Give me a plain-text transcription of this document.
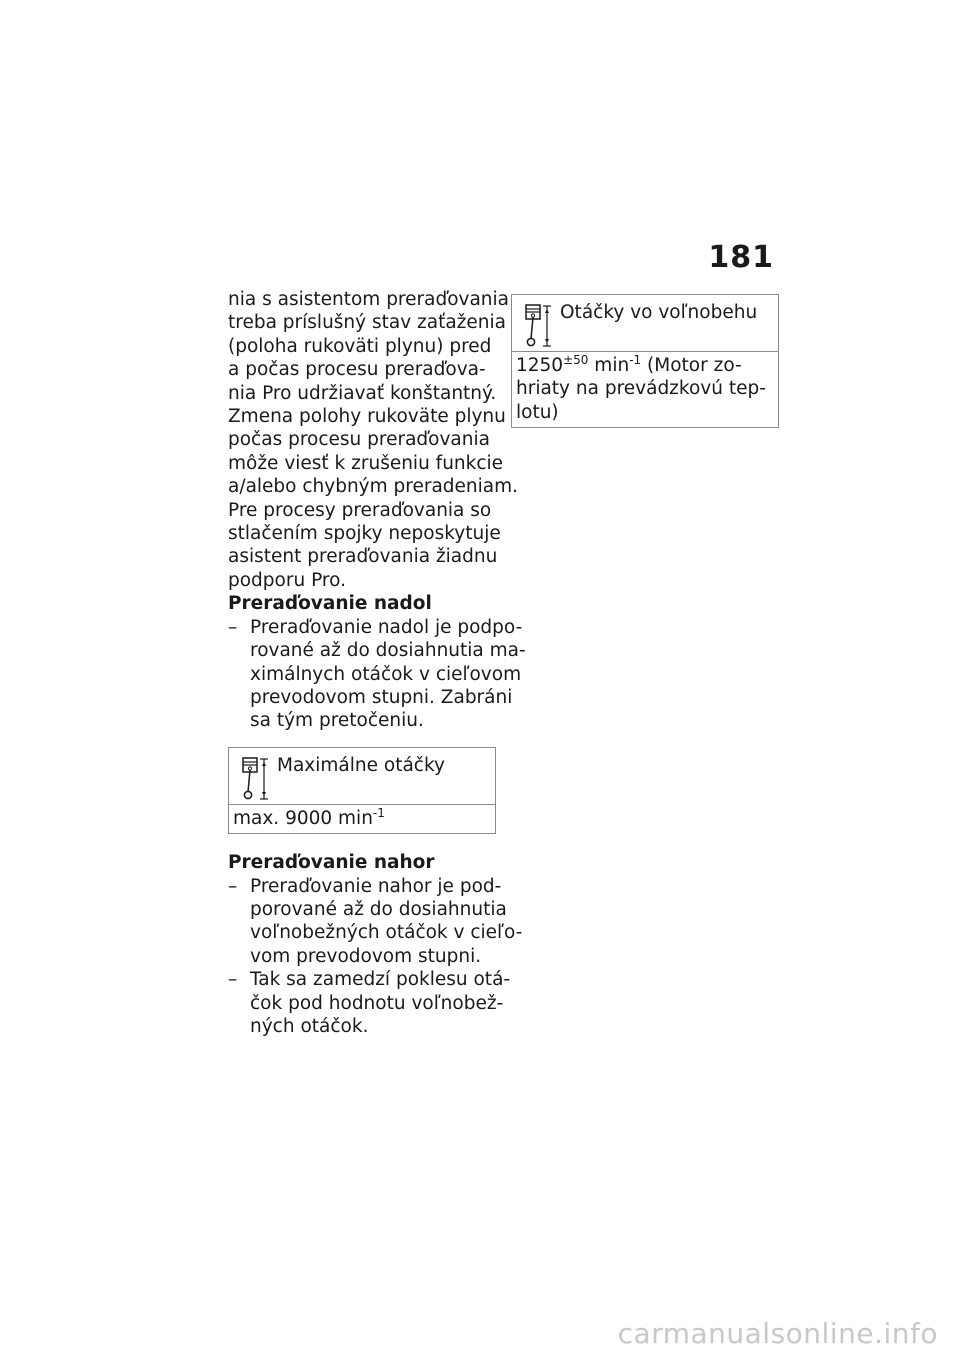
181

nia s asistentom preraďovania
treba príslušný stav zaťaženia
(poloha rukoväti plynu) pred
a počas procesu preraďova-
nia Pro udržiavať konštantný.
Zmena polohy rukoväte plynu
počas procesu preraďovania
môže viesť k zrušeniu funkcie
a/alebo chybným preradeniam.
Pre procesy preraďovania so
stlačením spojky neposkytuje
asistent preraďovania žiadnu
podporu Pro.

Preraďovanie nadol

– Preraďovanie nadol je podpo-
rované až do dosiahnutia ma-
ximálnych otáčok v cieľovom
prevodovom stupni. Zabráni
sa tým pretočeniu.
Maximálne otáčky
max. 9000 $\min^{-1}$

Preraďovanie nahor

– Preraďovanie nahor je pod-
porované až do dosiahnutia
voľnobežných otáčok v cieľo-
vom prevodovom stupni.
– Tak sa zamedzí poklesu otá-
čok pod hodnotu voľnobež-
ných otáčok.
Otáčky vo voľnobehu
$1250^{\pm 50}$ $\min^{-1}$ (Motor zo-
hriaty na prevádzkovú tep-
lotu)
carmanualsonline.info
